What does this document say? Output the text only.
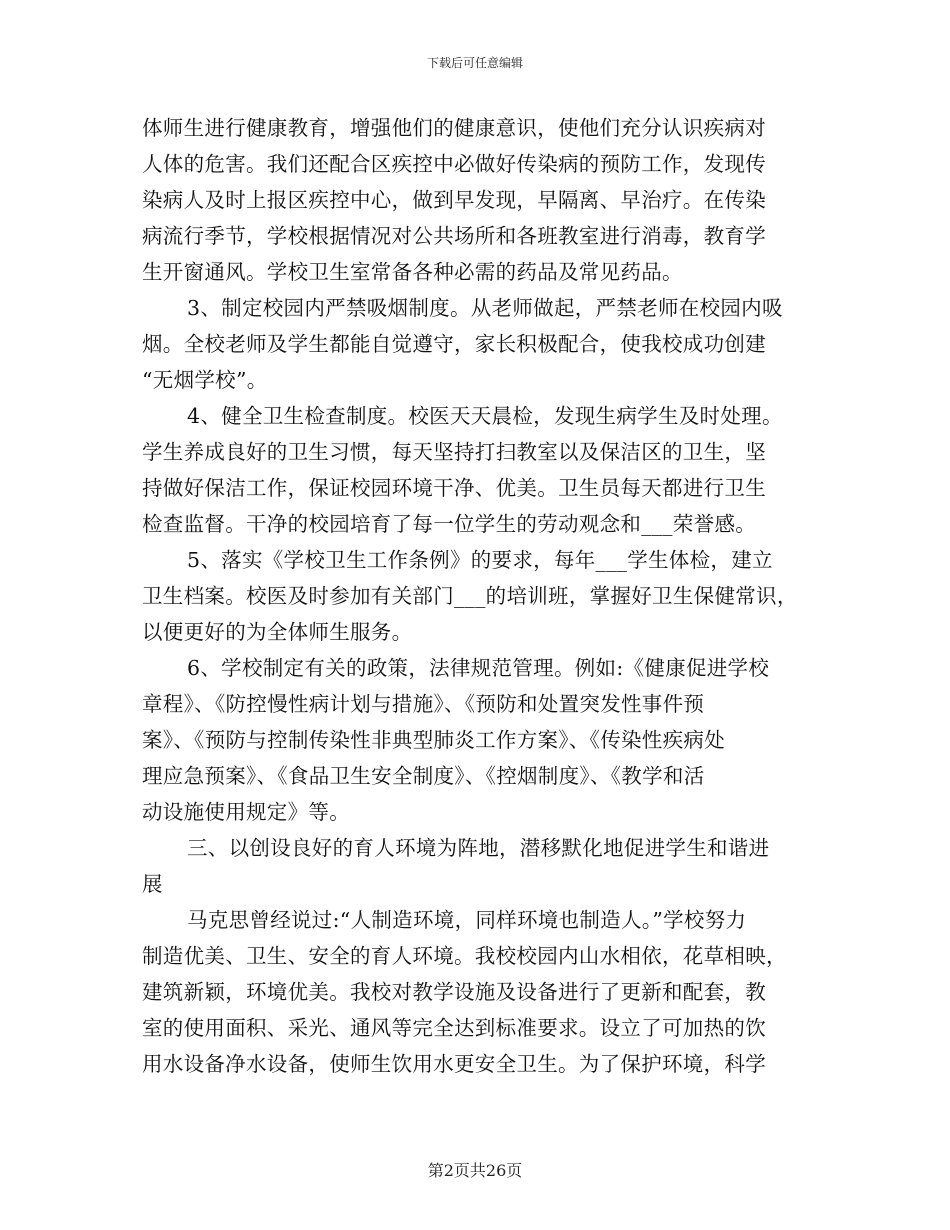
下载后可任意编辑
体师生进行健康教育，增强他们的健康意识，使他们充分认识疾病对
人体的危害。我们还配合区疾控中必做好传染病的预防工作，发现传
染病人及时上报区疾控中心，做到早发现，早隔离、早治疗。在传染
病流行季节，学校根据情况对公共场所和各班教室进行消毒，教育学
生开窗通风。学校卫生室常备各种必需的药品及常见药品。
3、制定校园内严禁吸烟制度。从老师做起，严禁老师在校园内吸
烟。全校老师及学生都能自觉遵守，家长积极配合，使我校成功创建
“无烟学校”。
4、健全卫生检查制度。校医天天晨检，发现生病学生及时处理。
学生养成良好的卫生习惯，每天坚持打扫教室以及保洁区的卫生，坚
持做好保洁工作，保证校园环境干净、优美。卫生员每天都进行卫生
检查监督。干净的校园培育了每一位学生的劳动观念和___荣誉感。
5、落实《学校卫生工作条例》的要求，每年___学生体检，建立
卫生档案。校医及时参加有关部门___的培训班，掌握好卫生保健常识，
以便更好的为全体师生服务。
6、学校制定有关的政策，法律规范管理。例如:《健康促进学校
章程》、《防控慢性病计划与措施》、《预防和处置突发性事件预
案》、《预防与控制传染性非典型肺炎工作方案》、《传染性疾病处
理应急预案》、《食品卫生安全制度》、《控烟制度》、《教学和活
动设施使用规定》等。
三、以创设良好的育人环境为阵地，潜移默化地促进学生和谐进
展
马克思曾经说过:“人制造环境，同样环境也制造人。”学校努力
制造优美、卫生、安全的育人环境。我校校园内山水相依，花草相映，
建筑新颖，环境优美。我校对教学设施及设备进行了更新和配套，教
室的使用面积、采光、通风等完全达到标准要求。设立了可加热的饮
用水设备净水设备，使师生饮用水更安全卫生。为了保护环境，科学
第2页共26页
